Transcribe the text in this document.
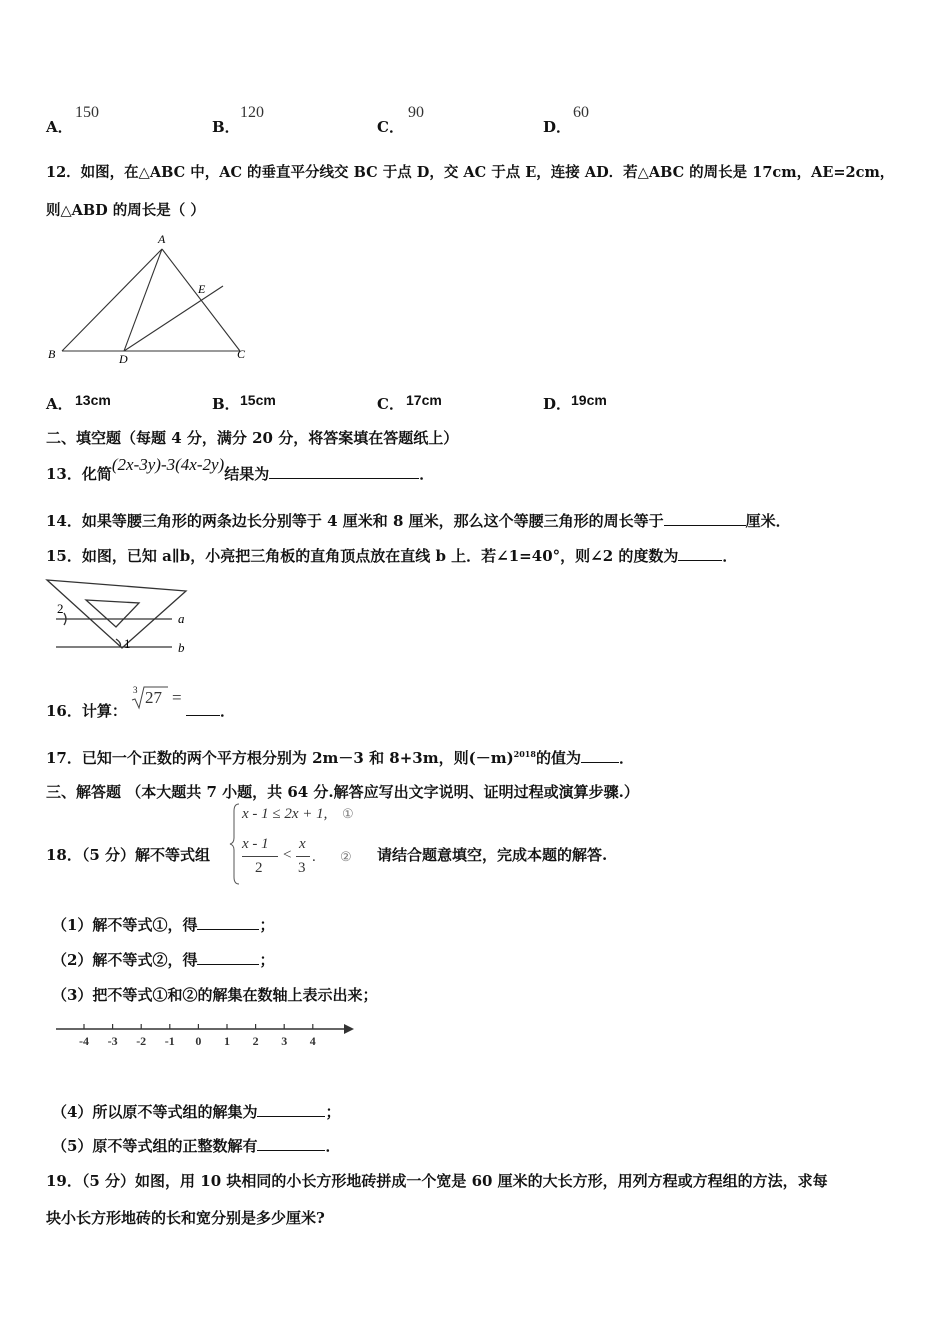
A．
150
B．
120
C．
90
D．
60
12．如图，在△ABC 中，AC 的垂直平分线交 BC 于点 D，交 AC 于点 E，连接 AD．若△ABC 的周长是 17cm，AE=2cm，
则△ABD 的周长是（ ）
A
B	C
D
E
A． 13cm	B． 15cm	C． 17cm	D． 19cm
二、填空题（每题 4 分，满分 20 分，将答案填在答题纸上）
13．化简(2x-3y)-3(4x-2y)结果为	．
14．如果等腰三角形的两条边长分别等于 4 厘米和 8 厘米，那么这个等腰三角形的周长等于	厘米．
15．如图，已知 a∥b，小亮把三角板的直角顶点放在直线 b 上．若∠1=40°，则∠2 的度数为	．
a
b
1
2
16．计算：
3 27 =
．
17．已知一个正数的两个平方根分别为 2m－3 和 8+3m，则$(-m)^{2018}$的值为	．
三、解答题 （本大题共 7 小题，共 64 分.解答应写出文字说明、证明过程或演算步骤.）
18．（5 分）解不等式组
x - 1 ≤ 2x + 1, ①
x - 1
2
<
x
3
. ② 请结合题意填空，完成本题的解答.
（1）解不等式①，得	；
（2）解不等式②，得	；
（3）把不等式①和②的解集在数轴上表示出来；
-4 -3 -2 -1 0 1 2 3 4
（4）所以原不等式组的解集为	；
（5）原不等式组的正整数解有	．
19．（5 分）如图，用 10 块相同的小长方形地砖拼成一个宽是 60 厘米的大长方形，用列方程或方程组的方法，求每
块小长方形地砖的长和宽分别是多少厘米?
